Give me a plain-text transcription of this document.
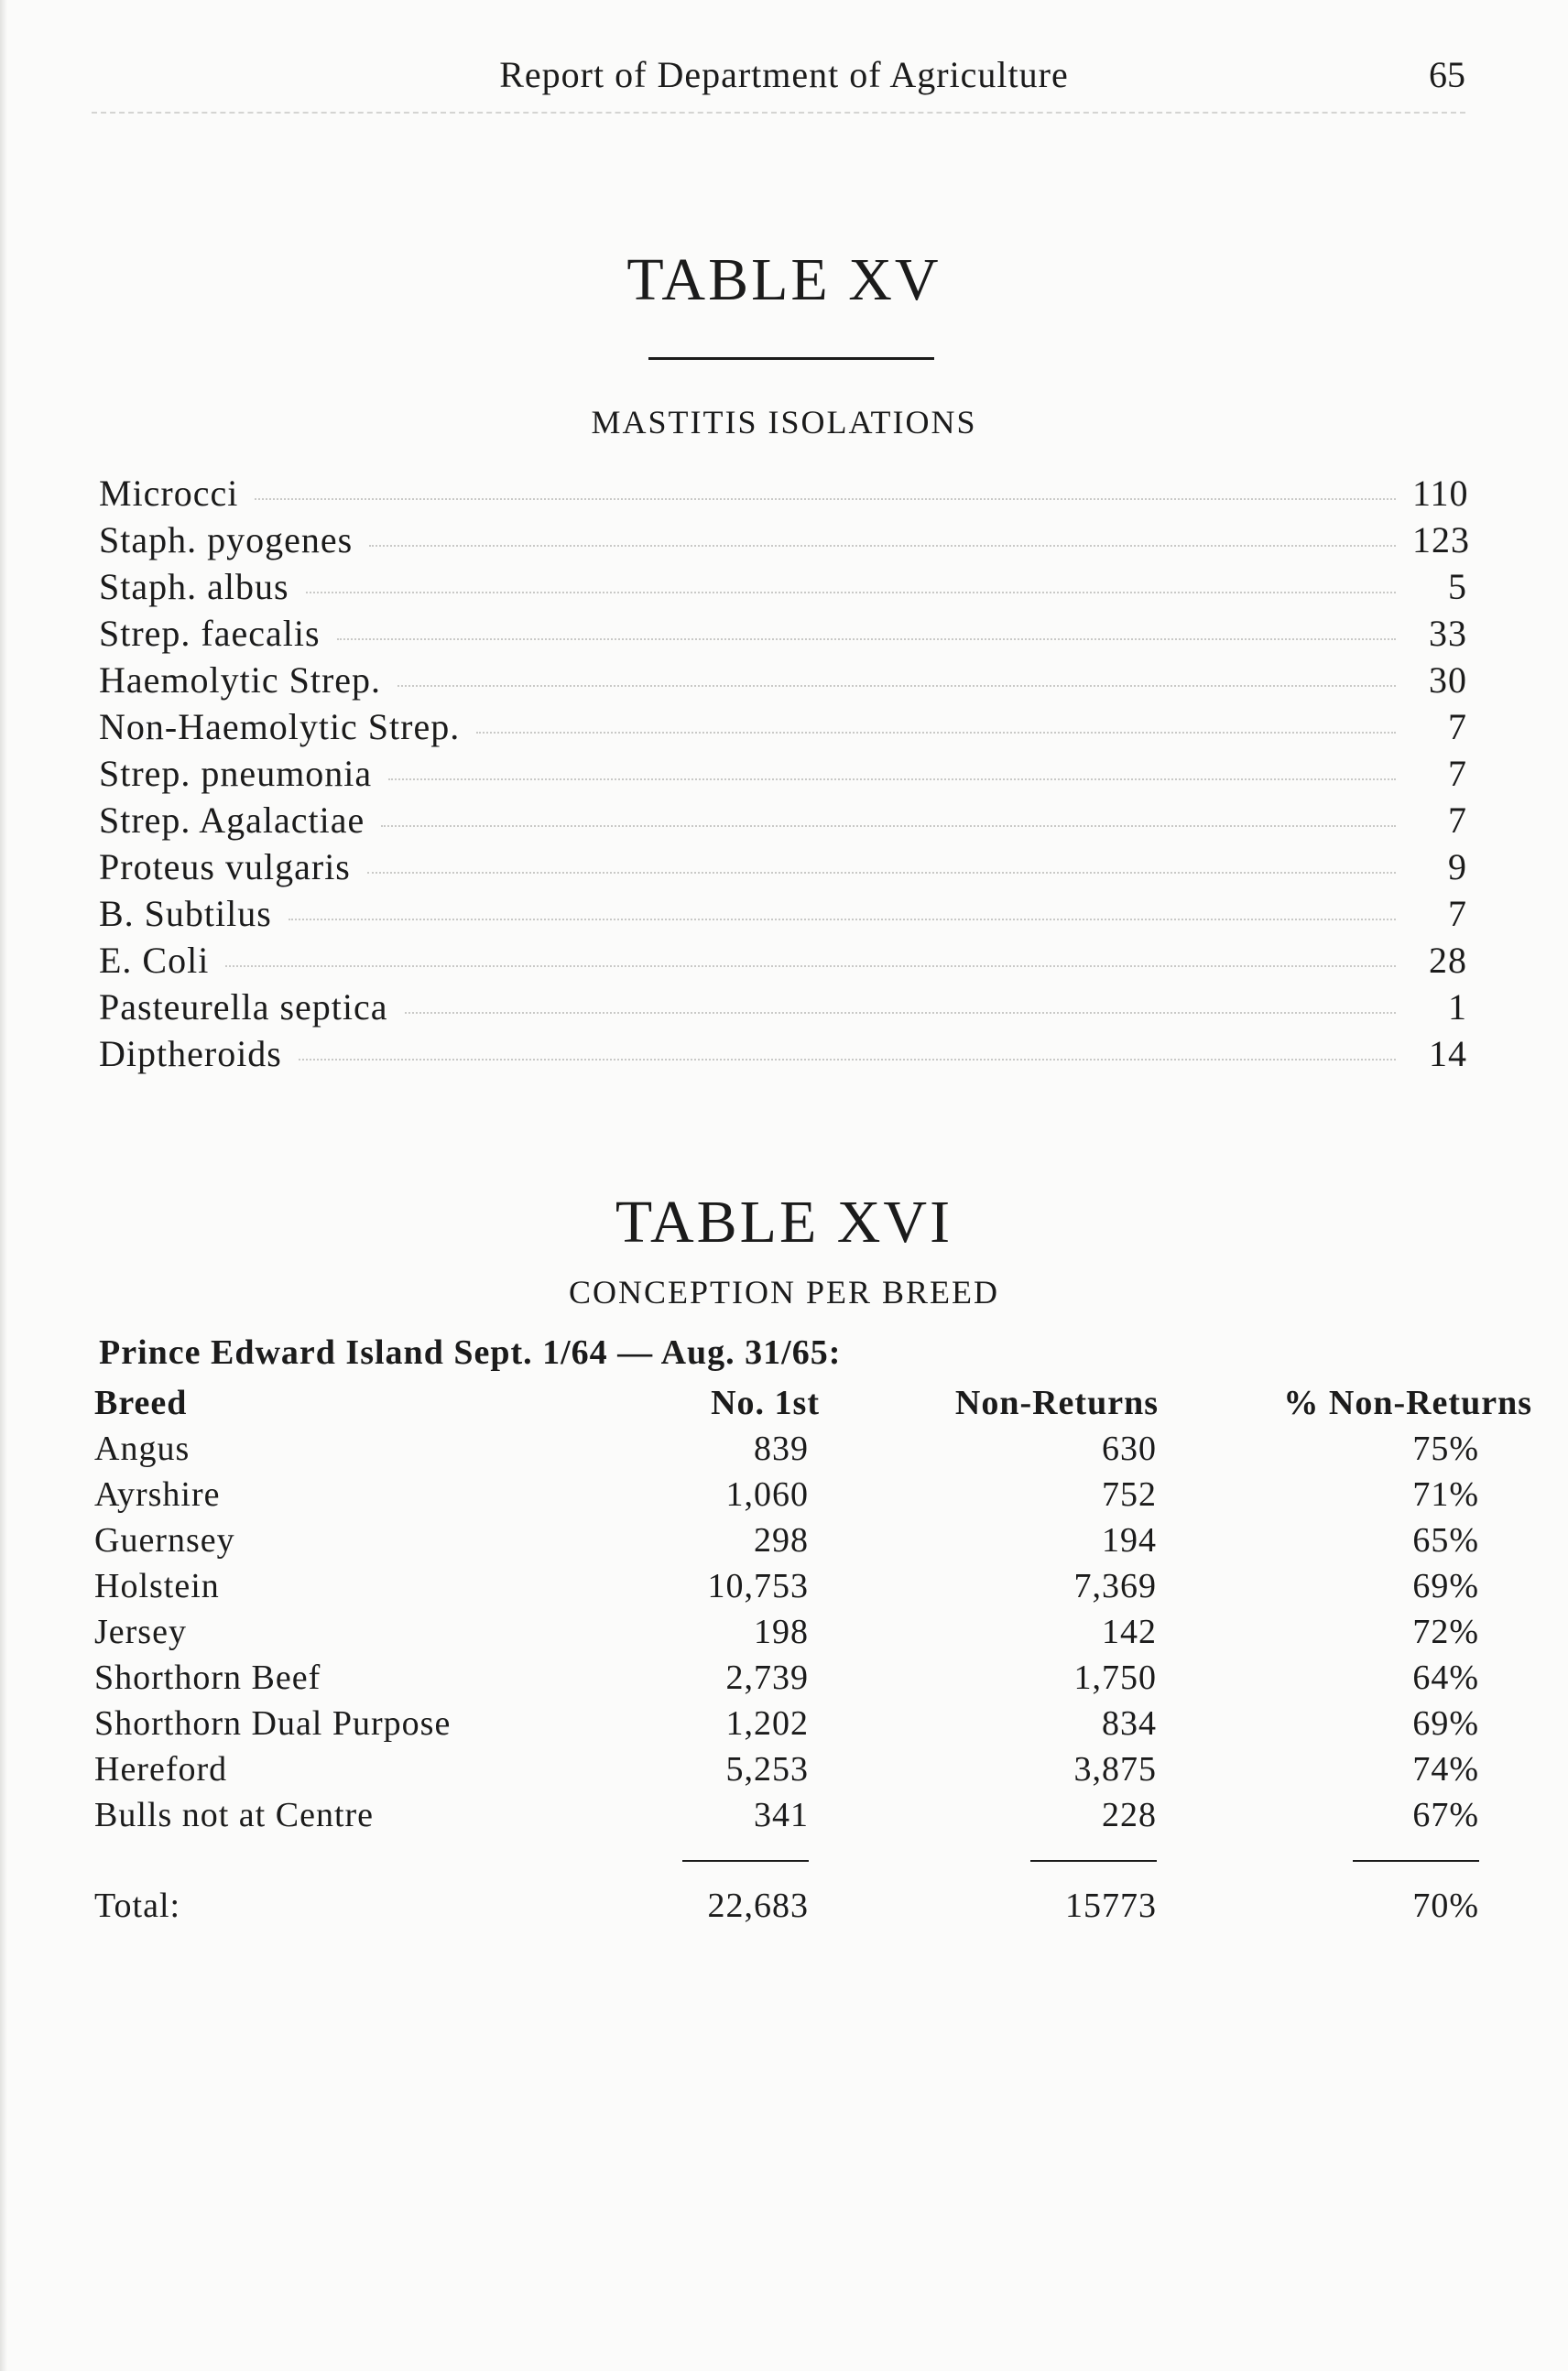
Report of Department of Agriculture	65
TABLE XV
MASTITIS ISOLATIONS
Microcci	110
Staph. pyogenes	123
Staph. albus	5
Strep. faecalis	33
Haemolytic Strep.	30
Non-Haemolytic Strep.	7
Strep. pneumonia	7
Strep. Agalactiae	7
Proteus vulgaris	9
B. Subtilus	7
E. Coli	28
Pasteurella septica	1
Diptheroids	14
TABLE XVI
CONCEPTION PER BREED
Prince Edward Island Sept. 1/64 — Aug. 31/65:
Breed	No. 1st	Non-Returns	% Non-Returns
Angus	839	630	75%
Ayrshire	1,060	752	71%
Guernsey	298	194	65%
Holstein	10,753	7,369	69%
Jersey	198	142	72%
Shorthorn Beef	2,739	1,750	64%
Shorthorn Dual Purpose	1,202	834	69%
Hereford	5,253	3,875	74%
Bulls not at Centre	341	228	67%

Total:	22,683	15773	70%
